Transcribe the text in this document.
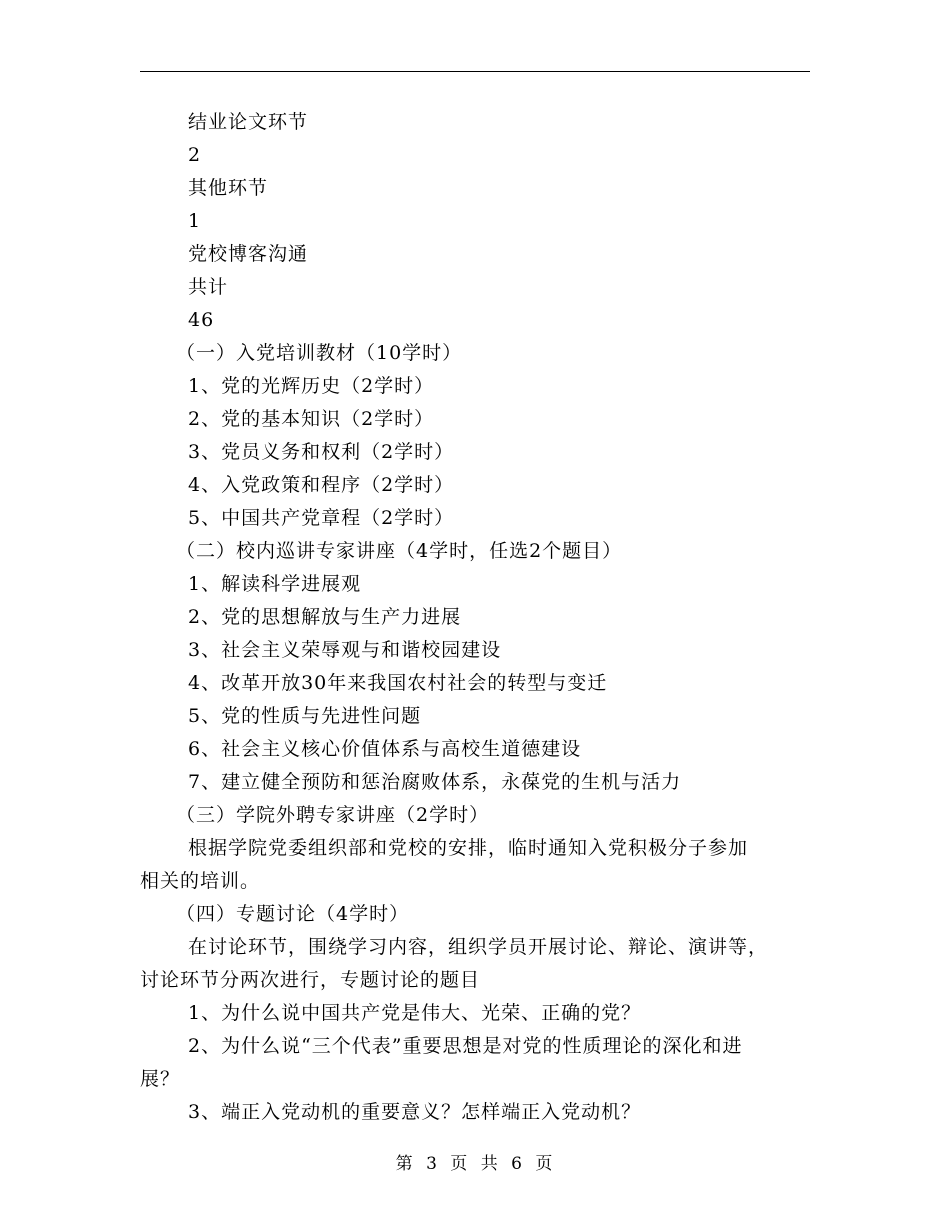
结业论文环节

2

其他环节

1

党校博客沟通

共计

46

（一）入党培训教材（10学时）

1、党的光辉历史（2学时）

2、党的基本知识（2学时）

3、党员义务和权利（2学时）

4、入党政策和程序（2学时）

5、中国共产党章程（2学时）

（二）校内巡讲专家讲座（4学时，任选2个题目）

1、解读科学进展观

2、党的思想解放与生产力进展

3、社会主义荣辱观与和谐校园建设

4、改革开放30年来我国农村社会的转型与变迁

5、党的性质与先进性问题

6、社会主义核心价值体系与高校生道德建设

7、建立健全预防和惩治腐败体系，永葆党的生机与活力

（三）学院外聘专家讲座（2学时）

根据学院党委组织部和党校的安排，临时通知入党积极分子参加

相关的培训。

（四）专题讨论（4学时）

在讨论环节，围绕学习内容，组织学员开展讨论、辩论、演讲等，

讨论环节分两次进行，专题讨论的题目

1、为什么说中国共产党是伟大、光荣、正确的党？

2、为什么说“三个代表”重要思想是对党的性质理论的深化和进

展？

3、端正入党动机的重要意义？怎样端正入党动机？

第 3 页 共 6 页
